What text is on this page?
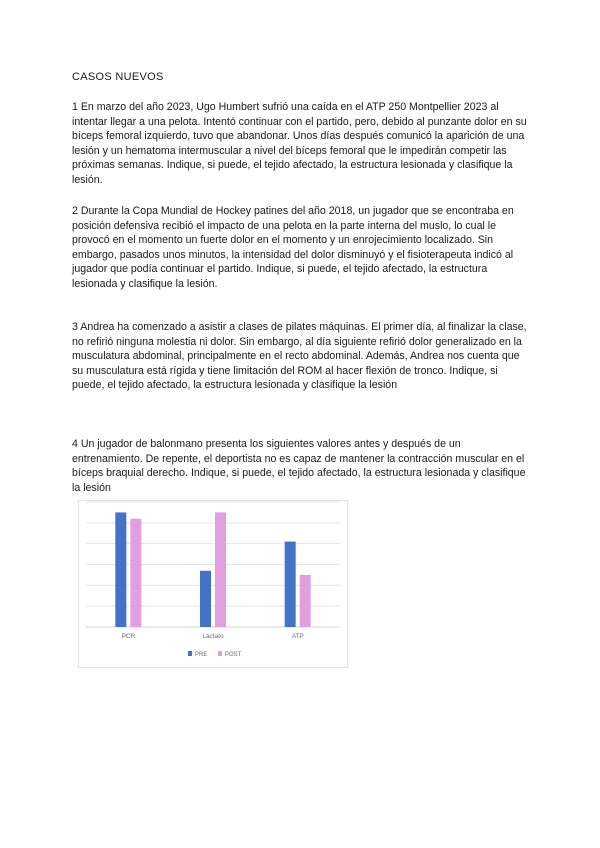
CASOS NUEVOS

1 En marzo del año 2023, Ugo Humbert sufrió una caída en el ATP 250 Montpellier 2023 al intentar llegar a una pelota. Intentó continuar con el partido, pero, debido al punzante dolor en su bíceps femoral izquierdo, tuvo que abandonar. Unos días después comunicó la aparición de una lesión y un hematoma intermuscular a nivel del bíceps femoral que le impedirán competir las próximas semanas. Indique, si puede, el tejido afectado, la estructura lesionada y clasifique la lesión.

2 Durante la Copa Mundial de Hockey patines del año 2018, un jugador que se encontraba en posición defensiva recibió el impacto de una pelota en la parte interna del muslo, lo cual le provocó en el momento un fuerte dolor en el momento y un enrojecimiento localizado. Sin embargo, pasados unos minutos, la intensidad del dolor disminuyó y el fisioterapeuta indicó al jugador que podía continuar el partido. Indique, si puede, el tejido afectado, la estructura lesionada y clasifique la lesión.

3 Andrea ha comenzado a asistir a clases de pilates máquinas. El primer día, al finalizar la clase, no refirió ninguna molestia ni dolor. Sin embargo, al día siguiente refirió dolor generalizado en la musculatura abdominal, principalmente en el recto abdominal. Además, Andrea nos cuenta que su musculatura está rígida y tiene limitación del ROM al hacer flexión de tronco. Indique, si puede, el tejido afectado, la estructura lesionada y clasifique la lesión

4 Un jugador de balonmano presenta los siguientes valores antes y después de un entrenamiento. De repente, el deportista no es capaz de mantener la contracción muscular en el bíceps braquial derecho. Indique, si puede, el tejido afectado, la estructura lesionada y clasifique la lesión

PCR	Lactato	ATP
PRE	POST
